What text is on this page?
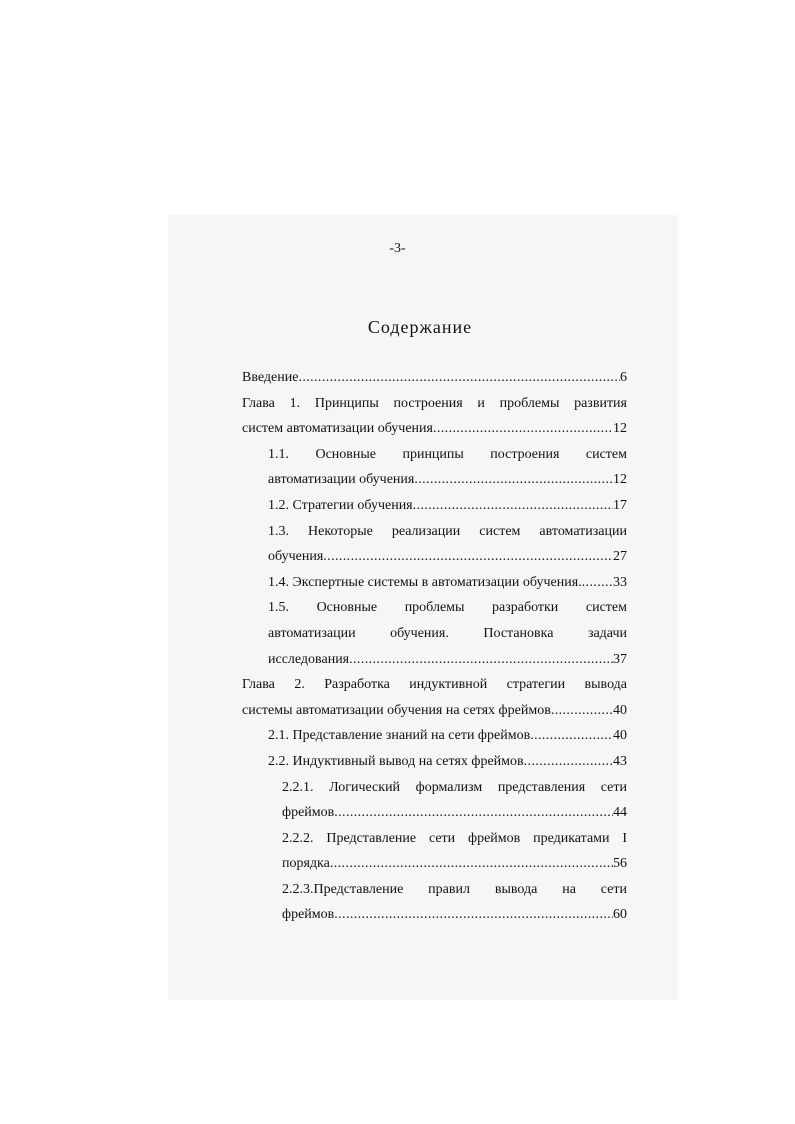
-3-
Содержание
Введение .....	6
Глава 1. Принципы построения и проблемы развития
систем автоматизации обучения .....	12
1.1. Основные принципы построения систем
автоматизации обучения .....	12
1.2. Стратегии обучения .....	17
1.3. Некоторые реализации систем автоматизации
обучения .....	27
1.4. Экспертные системы в автоматизации обучения. ..... 33
1.5. Основные проблемы разработки систем
автоматизации обучения. Постановка задачи
исследования .....	37
Глава 2. Разработка индуктивной стратегии вывода
системы автоматизации обучения на сетях фреймов .....	40
2.1. Представление знаний на сети фреймов .....	40
2.2. Индуктивный вывод на сетях фреймов .....	43
2.2.1. Логический формализм представления сети
фреймов .....	44
2.2.2. Представление сети фреймов предикатами I
порядка .....	56
2.2.3.Представление правил вывода на сети
фреймов .....	60
